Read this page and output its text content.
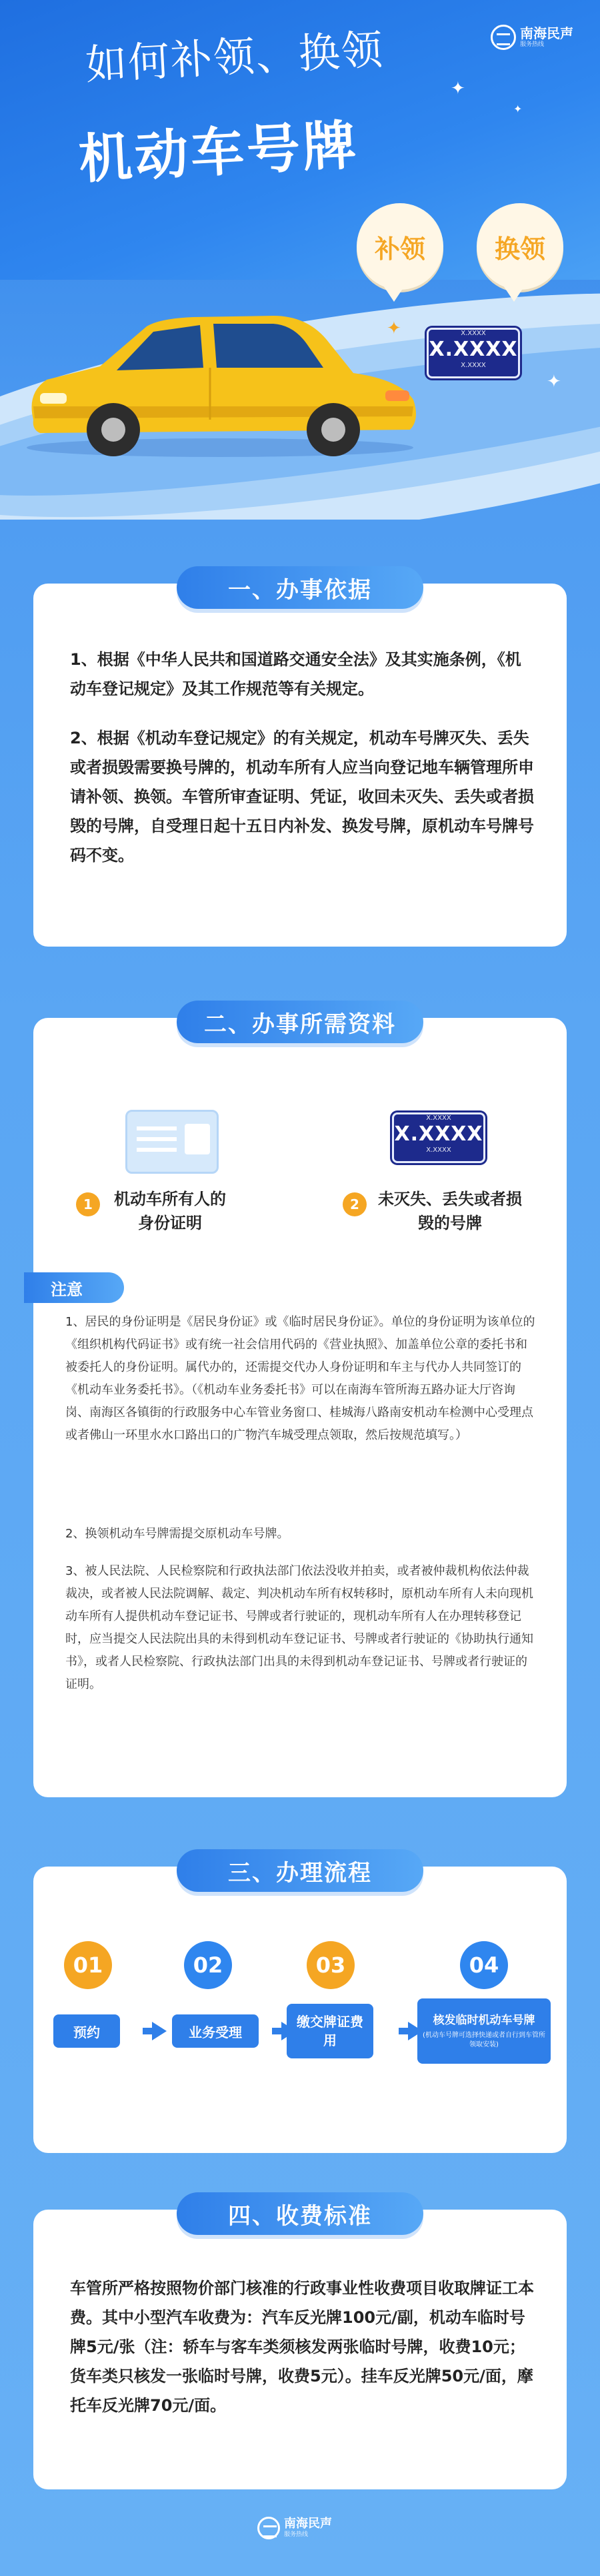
南海民声
服务热线
如何补领、换领
机动车号牌
✦
✦
✦
✦
补领	换领
X.XXXX
X.XXXX
X.XXXX
一、办事依据
1、根据《中华人民共和国道路交通安全法》及其实施条例，《机动车登记规定》及其工作规范等有关规定。
2、根据《机动车登记规定》的有关规定，机动车号牌灭失、丢失或者损毁需要换号牌的，机动车所有人应当向登记地车辆管理所申请补领、换领。车管所审查证明、凭证，收回未灭失、丢失或者损毁的号牌，自受理日起十五日内补发、换发号牌，原机动车号牌号码不变。
二、办事所需资料
X.XXXX
X.XXXX
X.XXXX
1	机动车所有人的身份证明
2	未灭失、丢失或者损毁的号牌
注意
1、居民的身份证明是《居民身份证》或《临时居民身份证》。单位的身份证明为该单位的《组织机构代码证书》或有统一社会信用代码的《营业执照》、加盖单位公章的委托书和被委托人的身份证明。属代办的，还需提交代办人身份证明和车主与代办人共同签订的《机动车业务委托书》。（《机动车业务委托书》可以在南海车管所海五路办证大厅咨询岗、南海区各镇街的行政服务中心车管业务窗口、桂城海八路南安机动车检测中心受理点或者佛山一环里水水口路出口的广物汽车城受理点领取，然后按规范填写。）
2、换领机动车号牌需提交原机动车号牌。
3、被人民法院、人民检察院和行政执法部门依法没收并拍卖，或者被仲裁机构依法仲裁裁决，或者被人民法院调解、裁定、判决机动车所有权转移时，原机动车所有人未向现机动车所有人提供机动车登记证书、号牌或者行驶证的，现机动车所有人在办理转移登记时，应当提交人民法院出具的未得到机动车登记证书、号牌或者行驶证的《协助执行通知书》，或者人民检察院、行政执法部门出具的未得到机动车登记证书、号牌或者行驶证的证明。
三、办理流程
01	02	03	04
预约	业务受理
缴交牌证费用
核发临时机动车号牌
(机动车号牌可选择快递或者自行到车管所领取安装)
四、收费标准
车管所严格按照物价部门核准的行政事业性收费项目收取牌证工本费。其中小型汽车收费为：汽车反光牌100元/副，机动车临时号牌5元/张（注：轿车与客车类须核发两张临时号牌，收费10元；货车类只核发一张临时号牌，收费5元）。挂车反光牌50元/面，摩托车反光牌70元/面。
南海民声
服务热线
